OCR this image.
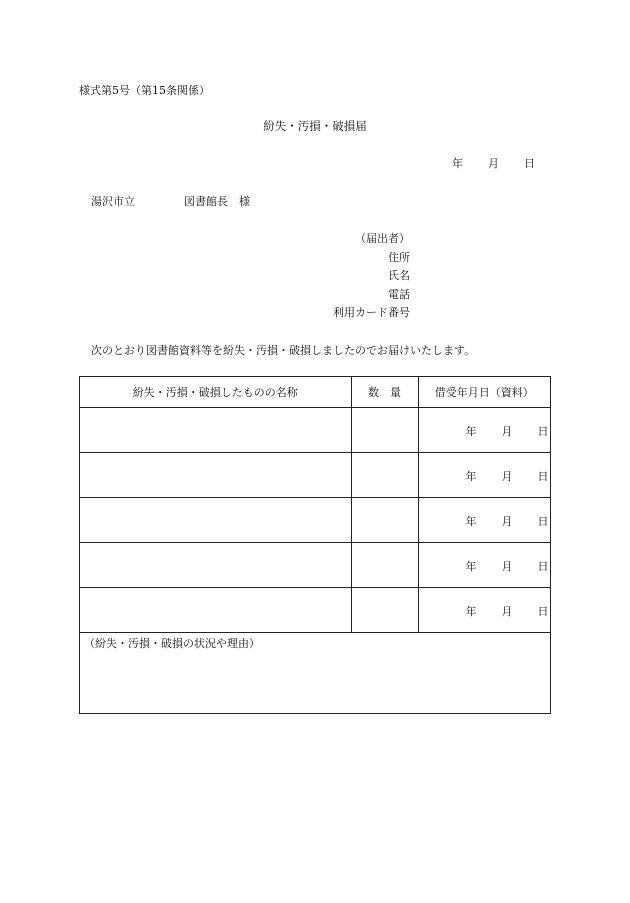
様式第5号（第15条関係）
紛失・汚損・破損届
年 月 日
湯沢市立	図書館長　様
（届出者）
住所
氏名
電話
利用カード番号
次のとおり図書館資料等を紛失・汚損・破損しましたのでお届けいたします。
紛失・汚損・破損したものの名称	数　量	借受年月日（資料）

		年 月 日

		年 月 日

		年 月 日

		年 月 日

		年 月 日
（紛失・汚損・破損の状況や理由）
